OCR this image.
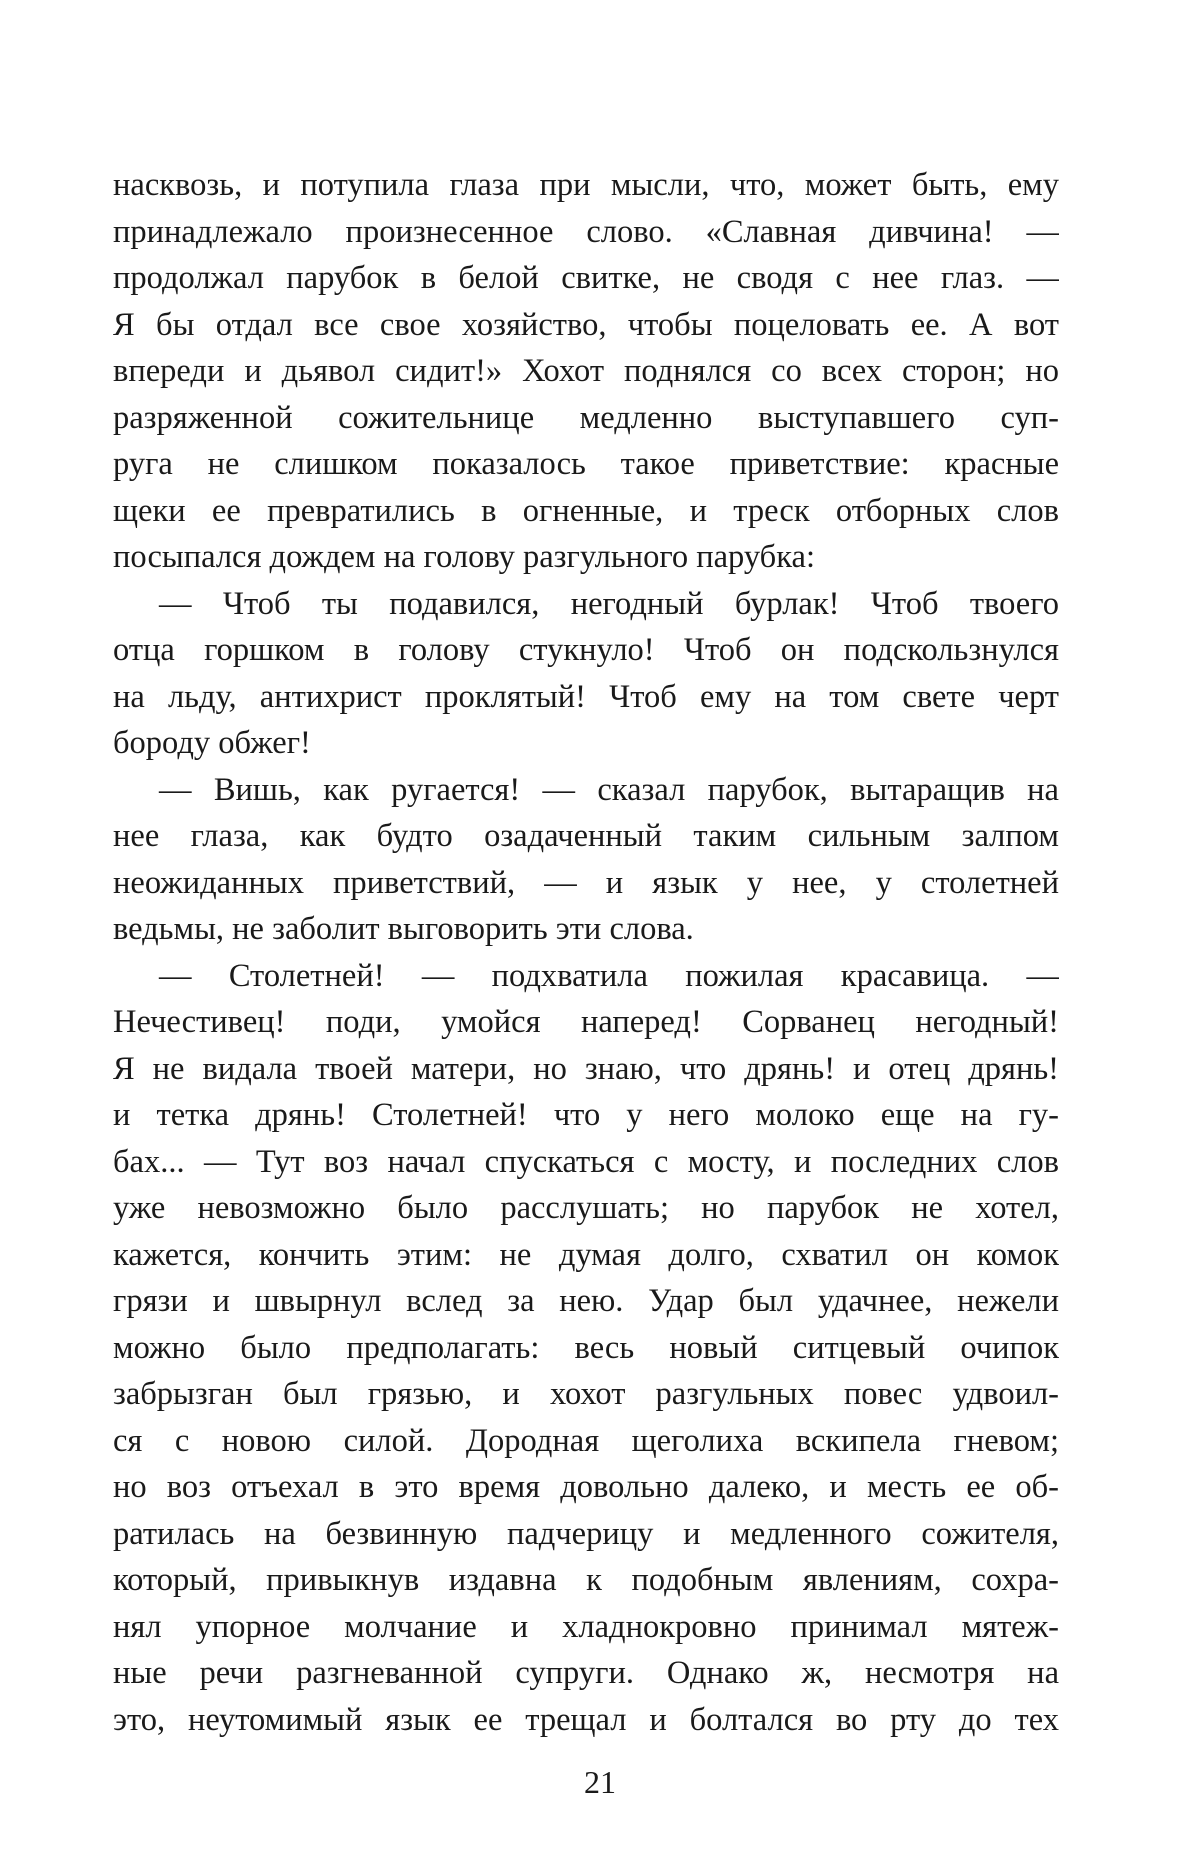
насквозь, и потупила глаза при мысли, что, может быть, ему
принадлежало произнесенное слово. «Славная дивчина! —
продолжал парубок в белой свитке, не сводя с нее глаз. —
Я бы отдал все свое хозяйство, чтобы поцеловать ее. А вот
впереди и дьявол сидит!» Хохот поднялся со всех сторон; но
разряженной сожительнице медленно выступавшего суп-
руга не слишком показалось такое приветствие: красные
щеки ее превратились в огненные, и треск отборных слов
посыпался дождем на голову разгульного парубка:
— Чтоб ты подавился, негодный бурлак! Чтоб твоего
отца горшком в голову стукнуло! Чтоб он подскользнулся
на льду, антихрист проклятый! Чтоб ему на том свете черт
бороду обжег!
— Вишь, как ругается! — сказал парубок, вытаращив на
нее глаза, как будто озадаченный таким сильным залпом
неожиданных приветствий, — и язык у нее, у столетней
ведьмы, не заболит выговорить эти слова.
— Столетней! — подхватила пожилая красавица. —
Нечестивец! поди, умойся наперед! Сорванец негодный!
Я не видала твоей матери, но знаю, что дрянь! и отец дрянь!
и тетка дрянь! Столетней! что у него молоко еще на гу-
бах... — Тут воз начал спускаться с мосту, и последних слов
уже невозможно было расслушать; но парубок не хотел,
кажется, кончить этим: не думая долго, схватил он комок
грязи и швырнул вслед за нею. Удар был удачнее, нежели
можно было предполагать: весь новый ситцевый очипок
забрызган был грязью, и хохот разгульных повес удвоил-
ся с новою силой. Дородная щеголиха вскипела гневом;
но воз отъехал в это время довольно далеко, и месть ее об-
ратилась на безвинную падчерицу и медленного сожителя,
который, привыкнув издавна к подобным явлениям, сохра-
нял упорное молчание и хладнокровно принимал мятеж-
ные речи разгневанной супруги. Однако ж, несмотря на
это, неутомимый язык ее трещал и болтался во рту до тех
21
